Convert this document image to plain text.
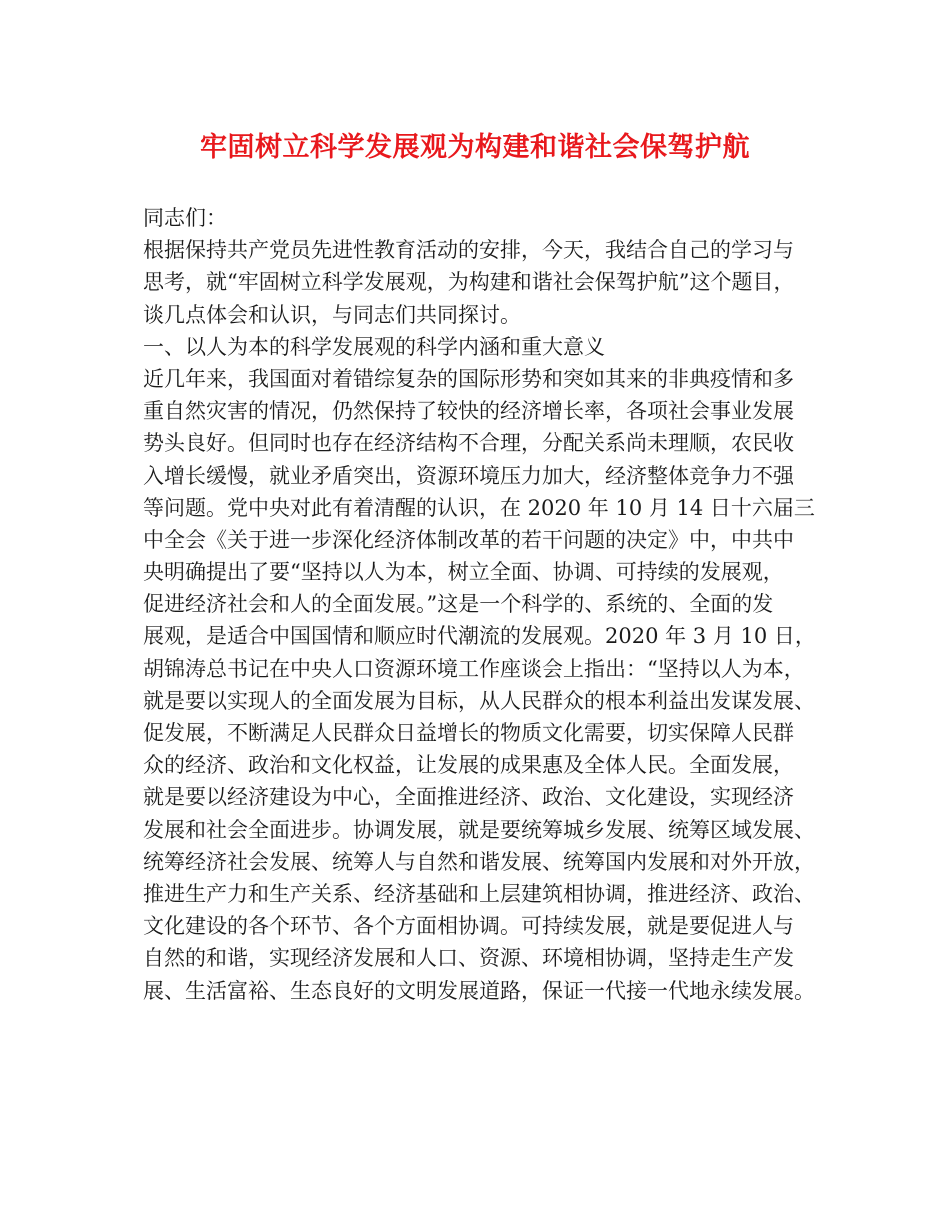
牢固树立科学发展观为构建和谐社会保驾护航
同志们：
根据保持共产党员先进性教育活动的安排，今天，我结合自己的学习与
思考，就“牢固树立科学发展观，为构建和谐社会保驾护航”这个题目，
谈几点体会和认识，与同志们共同探讨。
一、以人为本的科学发展观的科学内涵和重大意义
近几年来，我国面对着错综复杂的国际形势和突如其来的非典疫情和多
重自然灾害的情况，仍然保持了较快的经济增长率，各项社会事业发展
势头良好。但同时也存在经济结构不合理，分配关系尚未理顺，农民收
入增长缓慢，就业矛盾突出，资源环境压力加大，经济整体竞争力不强
等问题。党中央对此有着清醒的认识，在 2020 年 10 月 14 日十六届三
中全会《关于进一步深化经济体制改革的若干问题的决定》中，中共中
央明确提出了要“坚持以人为本，树立全面、协调、可持续的发展观，
促进经济社会和人的全面发展。”这是一个科学的、系统的、全面的发
展观，是适合中国国情和顺应时代潮流的发展观。2020 年 3 月 10 日，
胡锦涛总书记在中央人口资源环境工作座谈会上指出：“坚持以人为本，
就是要以实现人的全面发展为目标，从人民群众的根本利益出发谋发展、
促发展，不断满足人民群众日益增长的物质文化需要，切实保障人民群
众的经济、政治和文化权益，让发展的成果惠及全体人民。全面发展，
就是要以经济建设为中心，全面推进经济、政治、文化建设，实现经济
发展和社会全面进步。协调发展，就是要统筹城乡发展、统筹区域发展、
统筹经济社会发展、统筹人与自然和谐发展、统筹国内发展和对外开放，
推进生产力和生产关系、经济基础和上层建筑相协调，推进经济、政治、
文化建设的各个环节、各个方面相协调。可持续发展，就是要促进人与
自然的和谐，实现经济发展和人口、资源、环境相协调，坚持走生产发
展、生活富裕、生态良好的文明发展道路，保证一代接一代地永续发展。
